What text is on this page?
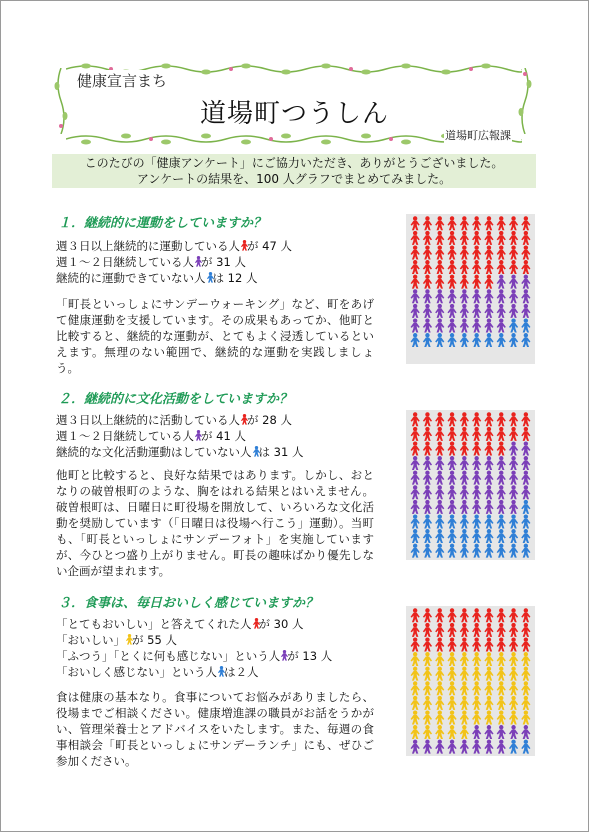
健康宣言まち
道場町つうしん
道場町広報課
このたびの「健康アンケート」にご協力いただき、ありがとうございました。
アンケートの結果を、100 人グラフでまとめてみました。
１．継続的に運動をしていますか？
週３日以上継続的に運動している人 が 47 人
週１～２日継続している人 が 31 人
継続的に運動できていない人 は 12 人
「町長といっしょにサンデーウォーキング」など、町をあげて健康運動を支援しています。その成果もあってか、他町と比較すると、継続的な運動が、とてもよく浸透しているといえます。無理のない範囲で、継続的な運動を実践しましょう。
２．継続的に文化活動をしていますか？
週３日以上継続的に活動している人 が 28 人
週１～２日継続している人 が 41 人
継続的な文化活動運動はしていない人 は 31 人
他町と比較すると、良好な結果ではあります。しかし、おとなりの破曽根町のような、胸をはれる結果とはいえません。破曽根町は、日曜日に町役場を開放して、いろいろな文化活動を奨励しています（「日曜日は役場へ行こう」運動）。当町も、「町長といっしょにサンデーフォト」を実施していますが、今ひとつ盛り上がりません。町長の趣味ばかり優先しない企画が望まれます。
３．食事は、毎日おいしく感じていますか？
「とてもおいしい」と答えてくれた人 が 30 人
「おいしい」 が 55 人
「ふつう」「とくに何も感じない」という人 が 13 人
「おいしく感じない」という人 は２人
食は健康の基本なり。食事についてお悩みがありましたら、役場までご相談ください。健康増進課の職員がお話をうかがい、管理栄養士とアドバイスをいたします。また、毎週の食事相談会「町長といっしょにサンデーランチ」にも、ぜひご参加ください。
